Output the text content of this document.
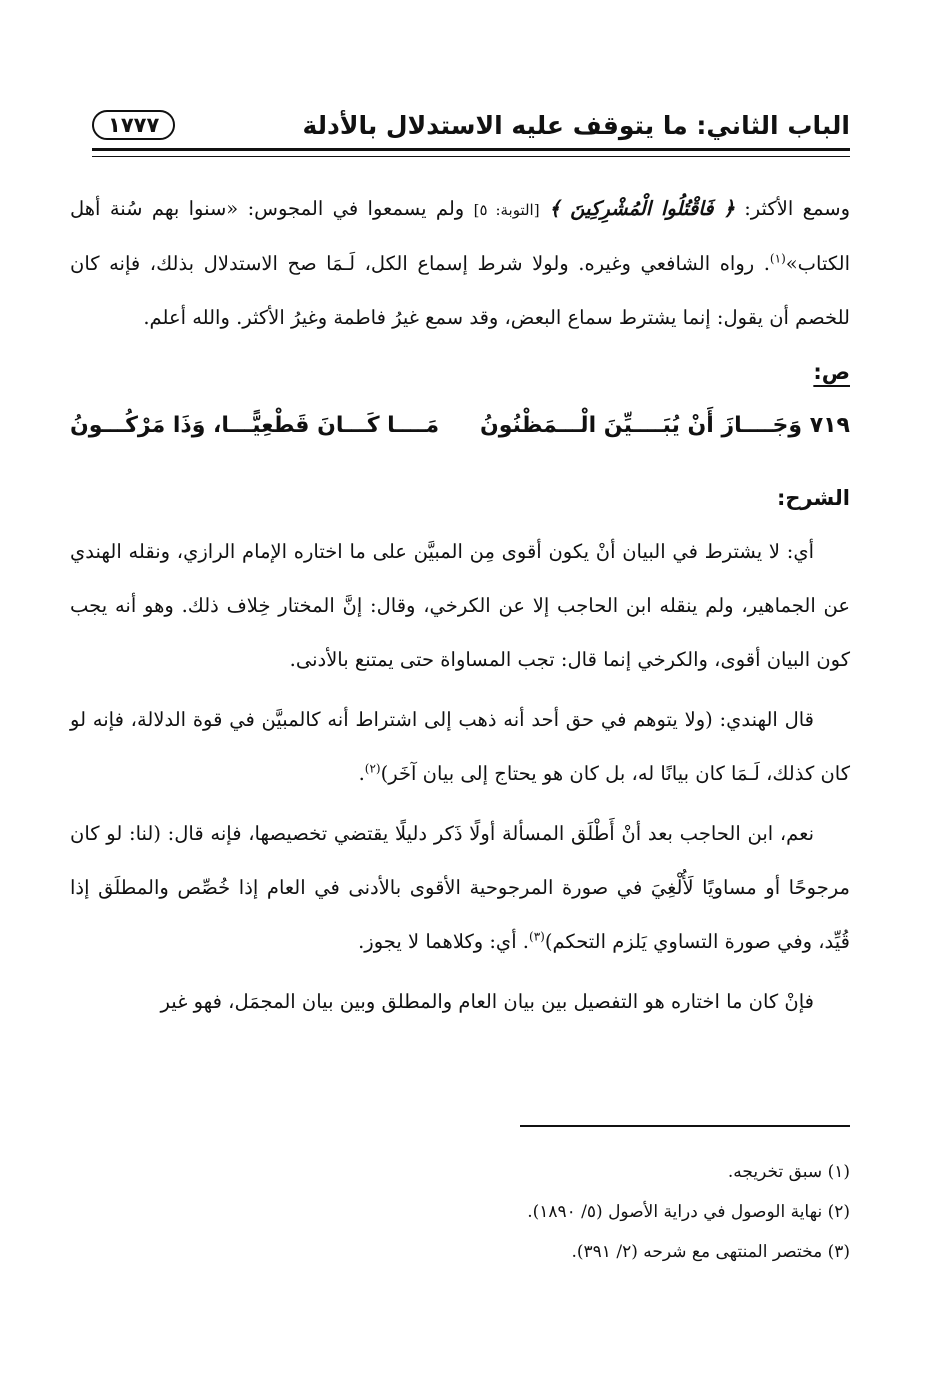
الباب الثاني: ما يتوقف عليه الاستدلال بالأدلة
١٧٧٧

وسمع الأكثر: ﴿ فَاقْتُلُوا الْمُشْرِكِينَ ﴾ [التوبة: ٥] ولم يسمعوا في المجوس: «سنوا بهم سُنة أهل الكتاب»$^{(١)}$. رواه الشافعي وغيره. ولولا شرط إسماع الكل، لَـمَا صح الاستدلال بذلك، فإنه كان للخصم أن يقول: إنما يشترط سماع البعض، وقد سمع غيرُ فاطمة وغيرُ الأكثر. والله أعلم.

ص:

٧١٩ وَجَــــازَ أَنْ يُبَــــيِّنَ الْـــمَظْنُونُ
مَــــا كَـــانَ قَطْعِيًّـــا، وَذَا مَرْكُـــونُ

الشرح:

أي: لا يشترط في البيان أنْ يكون أقوى مِن المبيَّن على ما اختاره الإمام الرازي، ونقله الهندي عن الجماهير، ولم ينقله ابن الحاجب إلا عن الكرخي، وقال: إنَّ المختار خِلاف ذلك. وهو أنه يجب كون البيان أقوى، والكرخي إنما قال: تجب المساواة حتى يمتنع بالأدنى.

قال الهندي: (ولا يتوهم في حق أحد أنه ذهب إلى اشتراط أنه كالمبيَّن في قوة الدلالة، فإنه لو كان كذلك، لَـمَا كان بيانًا له، بل كان هو يحتاج إلى بيان آخَر)$^{(٢)}$.

نعم، ابن الحاجب بعد أنْ أَطْلَق المسألة أولًا ذَكر دليلًا يقتضي تخصيصها، فإنه قال: (لنا: لو كان مرجوحًا أو مساويًا لَأُلْغِيَ في صورة المرجوحية الأقوى بالأدنى في العام إذا خُصِّص والمطلَق إذا قُيِّد، وفي صورة التساوي يَلزم التحكم)$^{(٣)}$. أي: وكلاهما لا يجوز.

فإنْ كان ما اختاره هو التفصيل بين بيان العام والمطلق وبين بيان المجمَل، فهو غير

(١) سبق تخريجه.

(٢) نهاية الوصول في دراية الأصول (٥/ ١٨٩٠).

(٣) مختصر المنتهى مع شرحه (٢/ ٣٩١).
